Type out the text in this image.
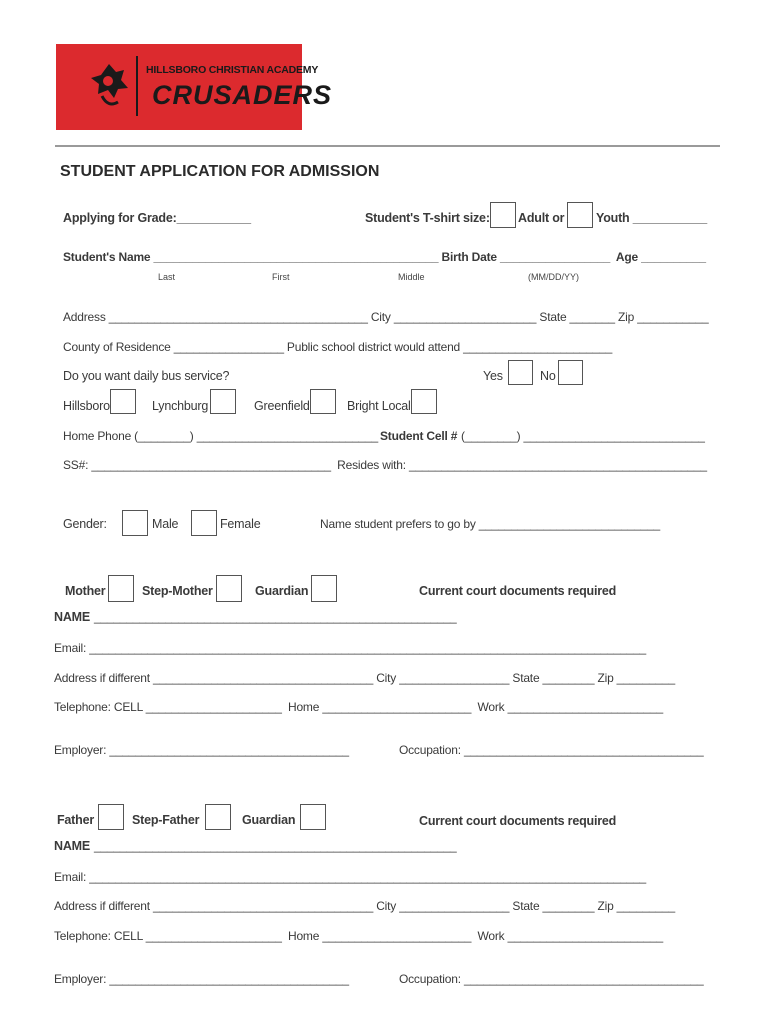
HILLSBORO CHRISTIAN ACADEMY
CRUSADERS
STUDENT APPLICATION FOR ADMISSION
Applying for Grade:___________	Student's T-shirt size: Adult or	Youth ___________
Student's Name ____________________________________________ Birth Date _________________  Age __________
Last	First	Middle	(MM/DD/YY)
Address ________________________________________ City ______________________ State _______ Zip ___________
County of Residence _________________ Public school district would attend _______________________
Do you want daily bus service?	Yes	No
Hillsboro	Lynchburg	Greenfield	Bright Local
Home Phone (________) ____________________________ Student Cell # (________) ____________________________
SS#: _____________________________________  Resides with: ______________________________________________
Gender:	Male	Female	Name student prefers to go by ____________________________
Mother	Step-Mother	Guardian	Current court documents required
NAME ________________________________________________________
Email: ______________________________________________________________________________________
Address if different __________________________________ City _________________ State ________ Zip _________
Telephone: CELL _____________________  Home _______________________  Work ________________________
Employer: _____________________________________	Occupation: _____________________________________
Father	Step-Father	Guardian	Current court documents required
NAME ________________________________________________________
Email: ______________________________________________________________________________________
Address if different __________________________________ City _________________ State ________ Zip _________
Telephone: CELL _____________________  Home _______________________  Work ________________________
Employer: _____________________________________	Occupation: _____________________________________
